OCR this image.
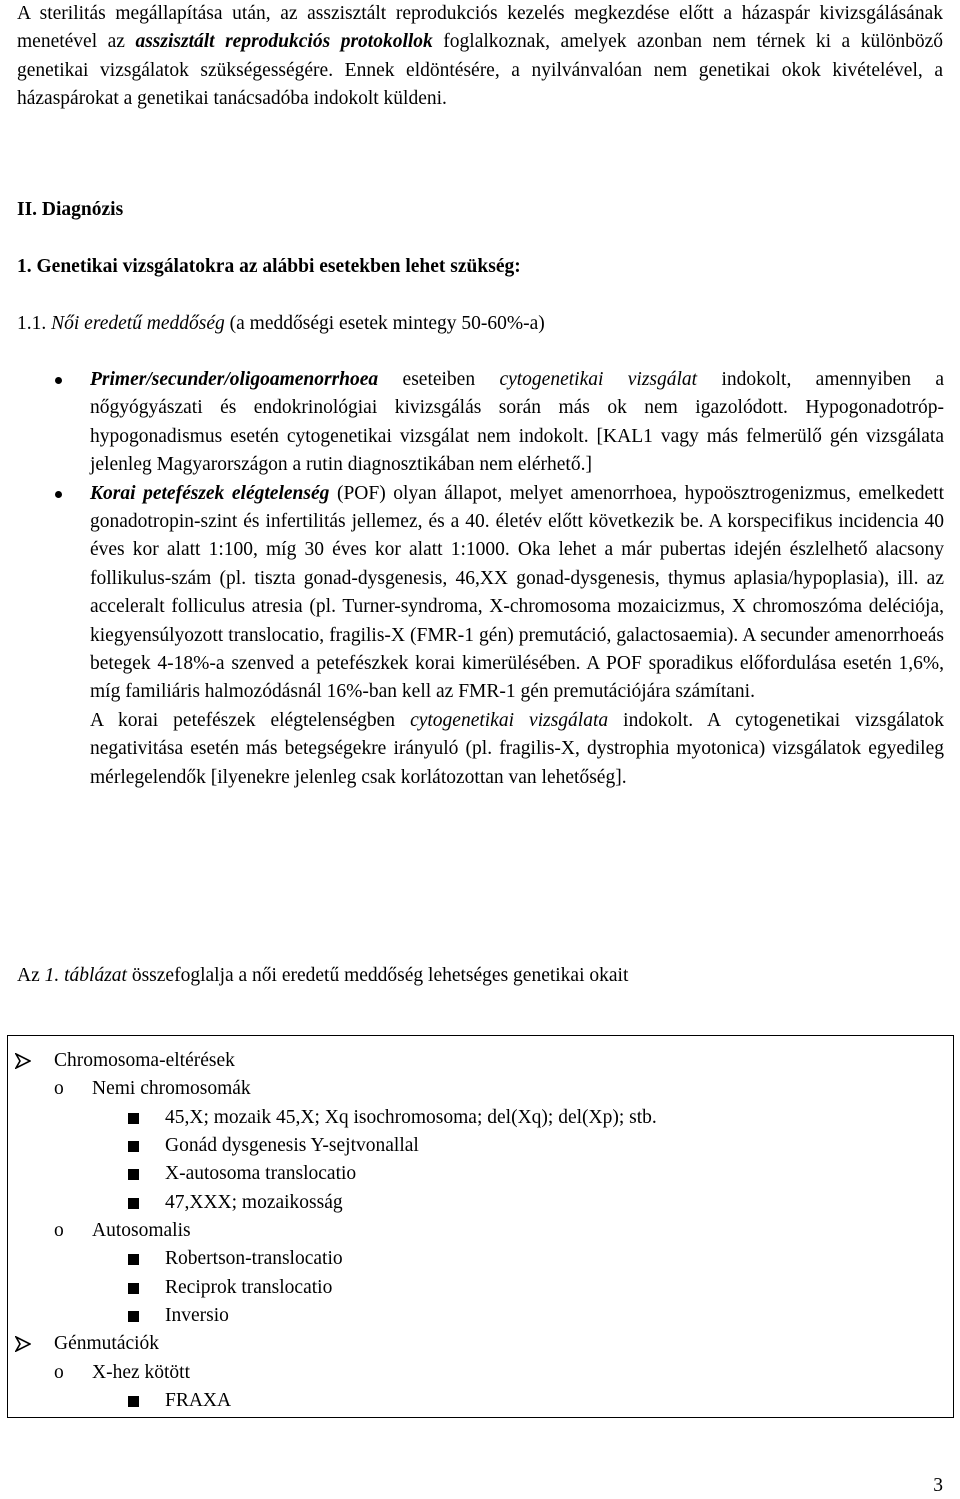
A sterilitás megállapítása után, az asszisztált reprodukciós kezelés megkezdése előtt a házaspár kivizsgálásának menetével az asszisztált reprodukciós protokollok foglalkoznak, amelyek azonban nem térnek ki a különböző genetikai vizsgálatok szükségességére. Ennek eldöntésére, a nyilvánvalóan nem genetikai okok kivételével, a házaspárokat a genetikai tanácsadóba indokolt küldeni.

II. Diagnózis

1. Genetikai vizsgálatokra az alábbi esetekben lehet szükség:

1.1. Női eredetű meddőség (a meddőségi esetek mintegy 50-60%-a)

Primer/secunder/oligoamenorrhoea eseteiben cytogenetikai vizsgálat indokolt, amennyiben a nőgyógyászati és endokrinológiai kivizsgálás során más ok nem igazolódott. Hypogonadotróp-hypogonadismus esetén cytogenetikai vizsgálat nem indokolt. [KAL1 vagy más felmerülő gén vizsgálata jelenleg Magyarországon a rutin diagnosztikában nem elérhető.]
Korai petefészek elégtelenség (POF) olyan állapot, melyet amenorrhoea, hypoösztrogenizmus, emelkedett gonadotropin-szint és infertilitás jellemez, és a 40. életév előtt következik be. A korspecifikus incidencia 40 éves kor alatt 1:100, míg 30 éves kor alatt 1:1000. Oka lehet a már pubertas idején észlelhető alacsony follikulus-szám (pl. tiszta gonad-dysgenesis, 46,XX gonad-dysgenesis, thymus aplasia/hypoplasia), ill. az acceleralt folliculus atresia (pl. Turner-syndroma, X-chromosoma mozaicizmus, X chromoszóma deléciója, kiegyensúlyozott translocatio, fragilis-X (FMR-1 gén) premutáció, galactosaemia). A secunder amenorrhoeás betegek 4-18%-a szenved a petefészkek korai kimerülésében. A POF sporadikus előfordulása esetén 1,6%, míg familiáris halmozódásnál 16%-ban kell az FMR-1 gén premutációjára számítani.
A korai petefészek elégtelenségben cytogenetikai vizsgálata indokolt. A cytogenetikai vizsgálatok negativitása esetén más betegségekre irányuló (pl. fragilis-X, dystrophia myotonica) vizsgálatok egyedileg mérlegelendők [ilyenekre jelenleg csak korlátozottan van lehetőség].

Az 1. táblázat összefoglalja a női eredetű meddőség lehetséges genetikai okait

Chromosoma-eltérések
o Nemi chromosomák
45,X; mozaik 45,X; Xq isochromosoma; del(Xq); del(Xp); stb.
Gonád dysgenesis Y-sejtvonallal
X-autosoma translocatio
47,XXX; mozaikosság
o Autosomalis
Robertson-translocatio
Reciprok translocatio
Inversio
Génmutációk
o X-hez kötött
FRAXA
3
